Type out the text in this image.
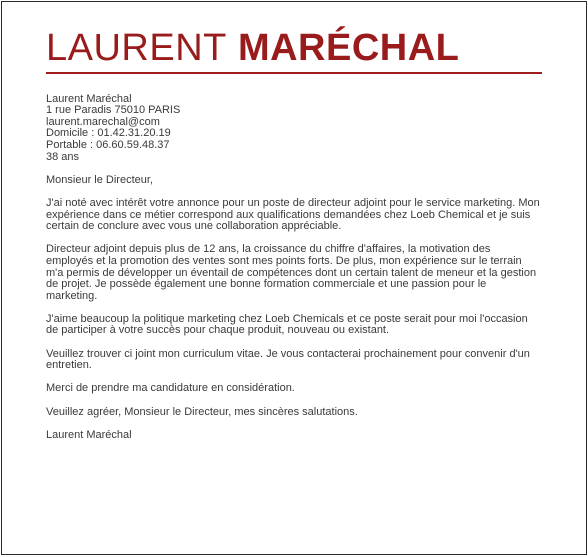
LAURENT MARÉCHAL

Laurent Maréchal
1 rue Paradis 75010 PARIS
laurent.marechal@com
Domicile : 01.42.31.20.19
Portable : 06.60.59.48.37
38 ans

Monsieur le Directeur,

J'ai noté avec intérêt votre annonce pour un poste de directeur adjoint pour le service marketing. Mon expérience dans ce métier correspond aux qualifications demandées chez Loeb Chemical et je suis certain de conclure avec vous une collaboration appréciable.

Directeur adjoint depuis plus de 12 ans, la croissance du chiffre d'affaires, la motivation des employés et la promotion des ventes sont mes points forts. De plus, mon expérience sur le terrain m'a permis de développer un éventail de compétences dont un certain talent de meneur et la gestion de projet. Je possède également une bonne formation commerciale et une passion pour le marketing.

J'aime beaucoup la politique marketing chez Loeb Chemicals et ce poste serait pour moi l'occasion de participer à votre succès pour chaque produit, nouveau ou existant.

Veuillez trouver ci joint mon curriculum vitae. Je vous contacterai prochainement pour convenir d'un entretien.

Merci de prendre ma candidature en considération.

Veuillez agréer, Monsieur le Directeur, mes sincères salutations.

Laurent Maréchal
